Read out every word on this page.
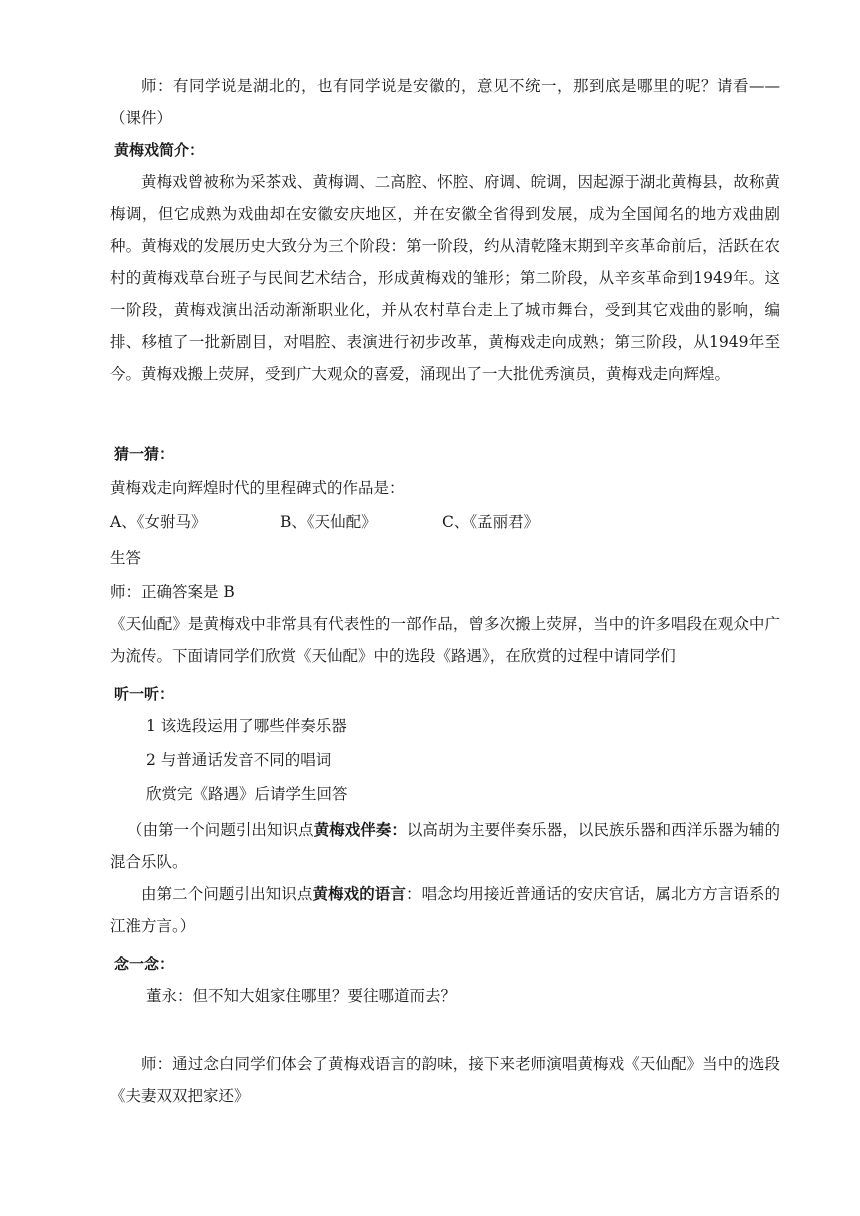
师：有同学说是湖北的，也有同学说是安徽的，意见不统一，那到底是哪里的呢？请看——（课件）

黄梅戏简介：

黄梅戏曾被称为采茶戏、黄梅调、二高腔、怀腔、府调、皖调，因起源于湖北黄梅县，故称黄梅调，但它成熟为戏曲却在安徽安庆地区，并在安徽全省得到发展，成为全国闻名的地方戏曲剧种。黄梅戏的发展历史大致分为三个阶段：第一阶段，约从清乾隆末期到辛亥革命前后，活跃在农村的黄梅戏草台班子与民间艺术结合，形成黄梅戏的雏形；第二阶段，从辛亥革命到1949年。这一阶段，黄梅戏演出活动渐渐职业化，并从农村草台走上了城市舞台，受到其它戏曲的影响，编排、移植了一批新剧目，对唱腔、表演进行初步改革，黄梅戏走向成熟；第三阶段，从1949年至今。黄梅戏搬上荧屏，受到广大观众的喜爱，涌现出了一大批优秀演员，黄梅戏走向辉煌。

猜一猜：

黄梅戏走向辉煌时代的里程碑式的作品是：

A、《女驸马》	B、《天仙配》	C、《孟丽君》

生答

师：正确答案是 B

《天仙配》是黄梅戏中非常具有代表性的一部作品，曾多次搬上荧屏，当中的许多唱段在观众中广为流传。下面请同学们欣赏《天仙配》中的选段《路遇》，在欣赏的过程中请同学们

听一听：

1 该选段运用了哪些伴奏乐器

2 与普通话发音不同的唱词

欣赏完《路遇》后请学生回答

（由第一个问题引出知识点黄梅戏伴奏：以高胡为主要伴奏乐器，以民族乐器和西洋乐器为辅的混合乐队。

由第二个问题引出知识点黄梅戏的语言：唱念均用接近普通话的安庆官话，属北方方言语系的江淮方言。）

念一念：

董永：但不知大姐家住哪里？要往哪道而去？

师：通过念白同学们体会了黄梅戏语言的韵味，接下来老师演唱黄梅戏《天仙配》当中的选段《夫妻双双把家还》
